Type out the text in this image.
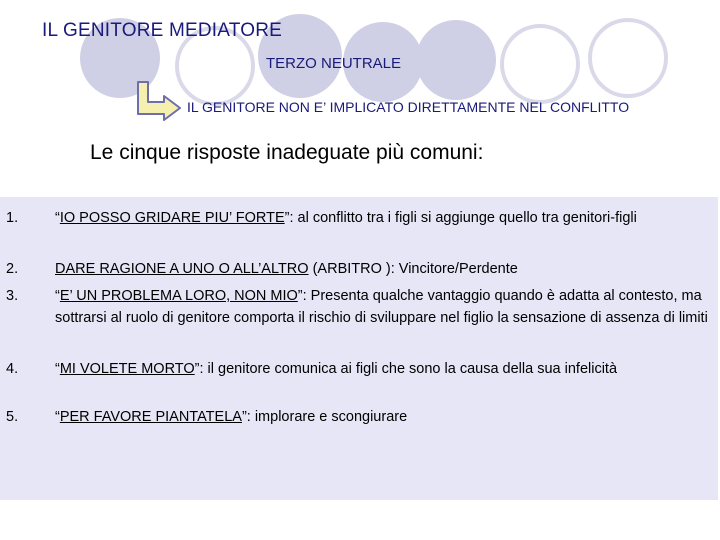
IL GENITORE MEDIATORE
TERZO NEUTRALE
IL GENITORE NON E’ IMPLICATO DIRETTAMENTE NEL CONFLITTO
Le cinque risposte inadeguate più comuni:
1.	“IO POSSO GRIDARE PIU’ FORTE”: al conflitto tra i figli si aggiunge quello tra genitori-figli
2.	DARE RAGIONE A UNO O ALL’ALTRO (ARBITRO ): Vincitore/Perdente
3.	“E’ UN PROBLEMA LORO, NON MIO”: Presenta qualche vantaggio quando è adatta al contesto, ma sottrarsi al ruolo di genitore comporta il rischio di sviluppare nel figlio la sensazione di assenza di limiti
4.	“MI VOLETE MORTO”: il genitore comunica ai figli che sono la causa della sua infelicità
5.	“PER FAVORE PIANTATELA”: implorare e scongiurare
